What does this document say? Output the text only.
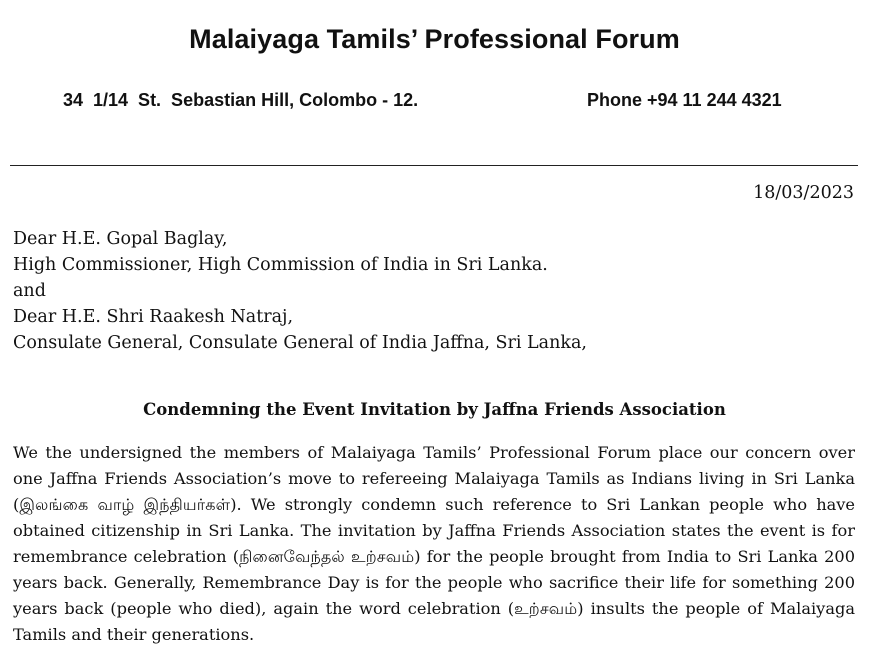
Malaiyaga Tamils’ Professional Forum
34  1/14  St.  Sebastian Hill, Colombo - 12.	Phone +94 11 244 4321
18/03/2023
Dear H.E. Gopal Baglay,
High Commissioner, High Commission of India in Sri Lanka.
and
Dear H.E. Shri Raakesh Natraj,
Consulate General, Consulate General of India Jaffna, Sri Lanka,
Condemning the Event Invitation by Jaffna Friends Association

We the undersigned the members of Malaiyaga Tamils’ Professional Forum place our concern over one Jaffna Friends Association’s move to refereeing Malaiyaga Tamils as Indians living in Sri Lanka (இலங்கை வாழ் இந்தியர்கள்). We strongly condemn such reference to Sri Lankan people who have obtained citizenship in Sri Lanka. The invitation by Jaffna Friends Association states the event is for remembrance celebration (நினைவேந்தல் உற்சவம்) for the people brought from India to Sri Lanka 200 years back. Generally, Remembrance Day is for the people who sacrifice their life for something 200 years back (people who died), again the word celebration (உற்சவம்) insults the people of Malaiyaga Tamils and their generations.
